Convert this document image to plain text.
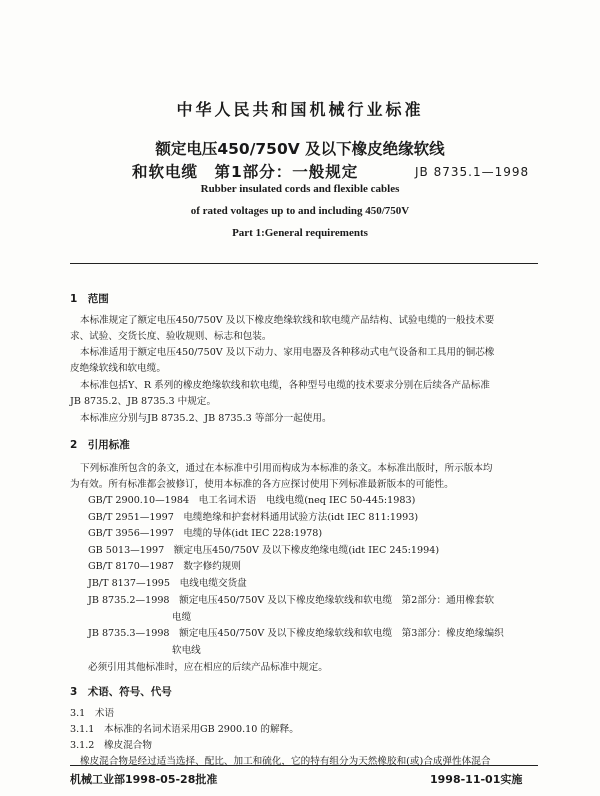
中华人民共和国机械行业标准
额定电压450/750V 及以下橡皮绝缘软线
和软电缆　第1部分：一般规定	JB 8735.1—1998
Rubber insulated cords and flexible cables
of rated voltages up to and including 450/750V
Part 1:General requirements
1　范围
本标准规定了额定电压450/750V 及以下橡皮绝缘软线和软电缆产品结构、试验电缆的一般技术要
求、试验、交货长度、验收规则、标志和包装。
本标准适用于额定电压450/750V 及以下动力、家用电器及各种移动式电气设备和工具用的铜芯橡
皮绝缘软线和软电缆。
本标准包括Y、R 系列的橡皮绝缘软线和软电缆，各种型号电缆的技术要求分别在后续各产品标准
JB 8735.2、JB 8735.3 中规定。
本标准应分别与JB 8735.2、JB 8735.3 等部分一起使用。
2　引用标准
下列标准所包含的条文，通过在本标准中引用而构成为本标准的条文。本标准出版时，所示版本均
为有效。所有标准都会被修订，使用本标准的各方应探讨使用下列标准最新版本的可能性。
GB/T 2900.10—1984　电工名词术语　电线电缆(neq IEC 50-445:1983)
GB/T 2951—1997　电缆绝缘和护套材料通用试验方法(idt IEC 811:1993)
GB/T 3956—1997　电缆的导体(idt IEC 228:1978)
GB 5013—1997　额定电压450/750V 及以下橡皮绝缘电缆(idt IEC 245:1994)
GB/T 8170—1987　数字修约规则
JB/T 8137—1995　电线电缆交货盘
JB 8735.2—1998　额定电压450/750V 及以下橡皮绝缘软线和软电缆　第2部分：通用橡套软
电缆
JB 8735.3—1998　额定电压450/750V 及以下橡皮绝缘软线和软电缆　第3部分：橡皮绝缘编织
软电线
必须引用其他标准时，应在相应的后续产品标准中规定。
3　术语、符号、代号
3.1　术语
3.1.1　本标准的名词术语采用GB 2900.10 的解释。
3.1.2　橡皮混合物
橡皮混合物是经过适当选择、配比、加工和硫化，它的特有组分为天然橡胶和(或)合成弹性体混合
机械工业部1998-05-28批准	1998-11-01实施
